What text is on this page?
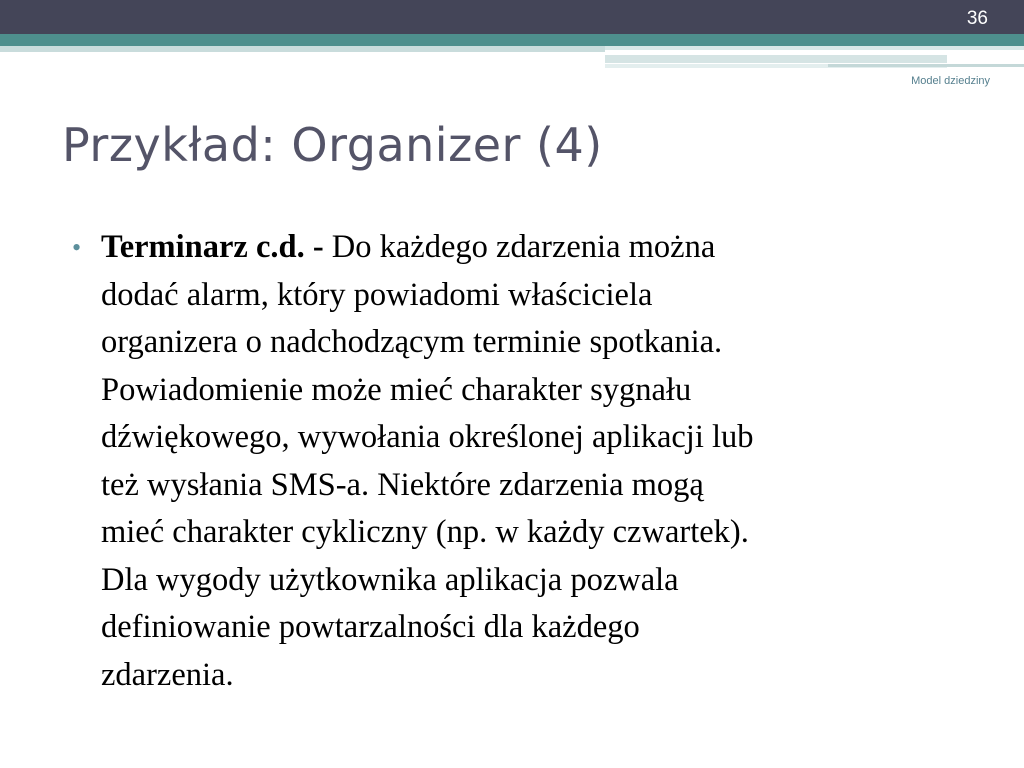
36
Model dziedziny
Przykład: Organizer (4)
• Terminarz c.d. - Do każdego zdarzenia można
dodać alarm, który powiadomi właściciela
organizera o nadchodzącym terminie spotkania.
Powiadomienie może mieć charakter sygnału
dźwiękowego, wywołania określonej aplikacji lub
też wysłania SMS-a. Niektóre zdarzenia mogą
mieć charakter cykliczny (np. w każdy czwartek).
Dla wygody użytkownika aplikacja pozwala
definiowanie powtarzalności dla każdego
zdarzenia.
